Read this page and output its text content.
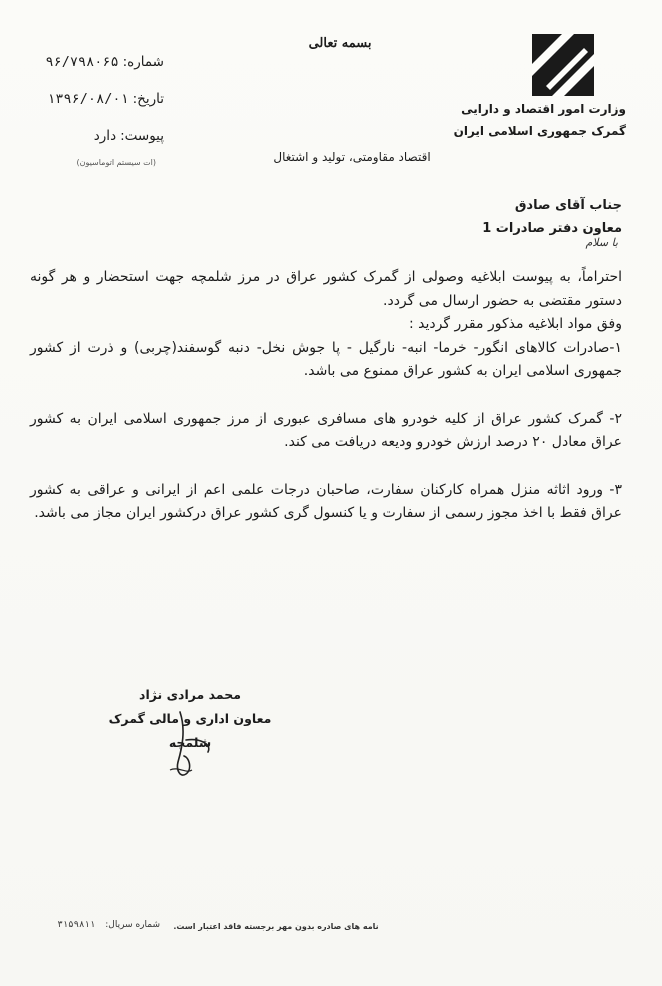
بسمه تعالی
وزارت امور اقتصاد و دارایی
گمرک جمهوری اسلامی ایران
شماره:
۹۶/۷۹۸۰۶۵
تاریخ:
۱۳۹۶/۰۸/۰۱
پیوست:
دارد
(ات سیستم اتوماسیون)	اقتصاد مقاومتی، تولید و اشتغال
جناب آقای صادق
معاون دفتر صادرات 1
با سلام

احتراماً، به پیوست ابلاغیه وصولی از گمرک کشور عراق در مرز شلمچه جهت استحضار و هر گونه دستور مقتضی به حضور ارسال می گردد.

وفق مواد ابلاغیه مذکور مقرر گردید :

۱-صادرات کالاهای انگور- خرما- انبه- نارگیل - پا جوش نخل- دنبه گوسفند(چربی) و ذرت از کشور جمهوری اسلامی ایران به کشور عراق ممنوع می باشد.

۲- گمرک کشور عراق از کلیه خودرو های مسافری عبوری از مرز جمهوری اسلامی ایران به کشور عراق معادل ۲۰ درصد ارزش خودرو ودیعه دریافت می کند.

۳- ورود اثاثه منزل همراه کارکنان سفارت، صاحبان درجات علمی اعم از ایرانی و عراقی به کشور عراق فقط با اخذ مجوز رسمی از سفارت و یا کنسول گری کشور عراق درکشور ایران مجاز می باشد.

محمد مرادی نژاد
معاون اداری و مالی گمرک شلمچه
نامه های صادره بدون مهر برجسته فاقد اعتبار است.
شماره سریال:
۳۱۵۹۸۱۱
